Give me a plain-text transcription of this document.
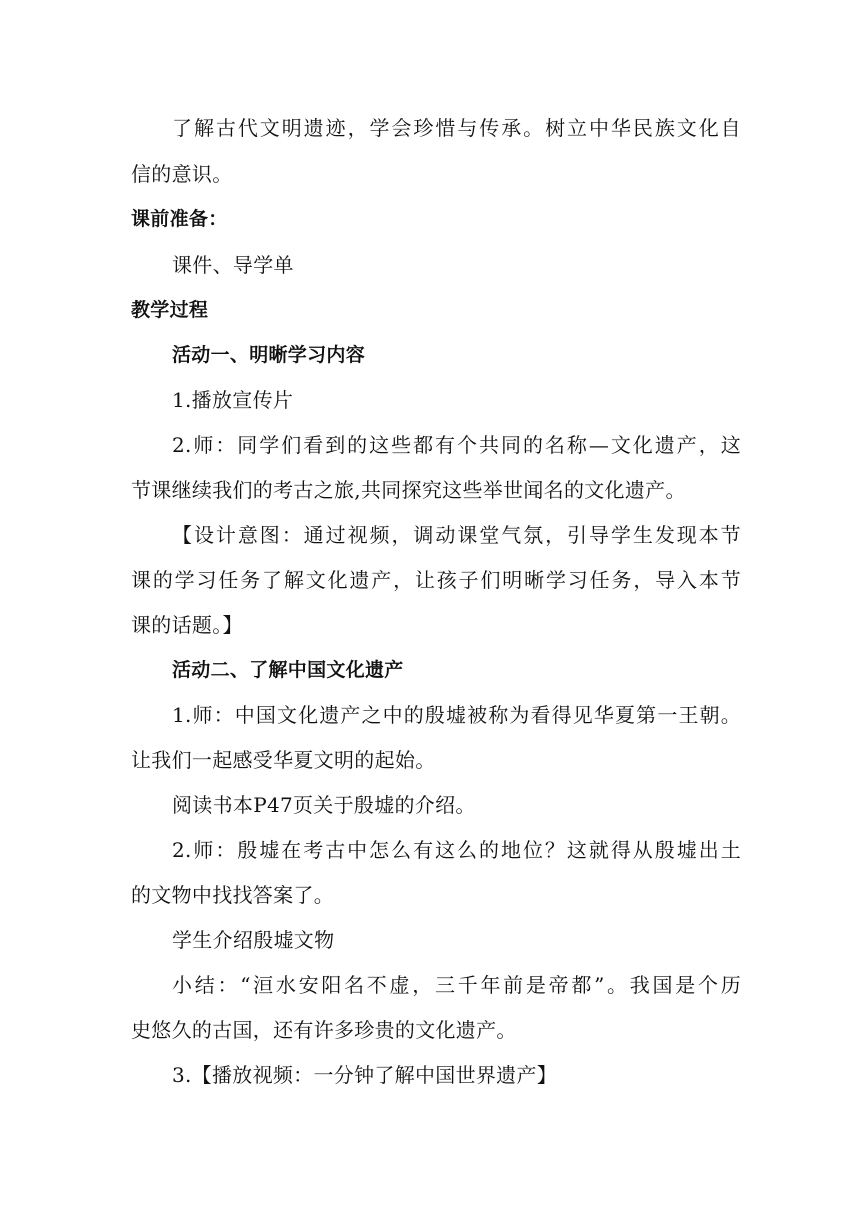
了解古代文明遗迹，学会珍惜与传承。树立中华民族文化自

信的意识。

课前准备：

课件、导学单

教学过程

活动一、明晰学习内容

1.播放宣传片

2.师：同学们看到的这些都有个共同的名称—文化遗产，这

节课继续我们的考古之旅,共同探究这些举世闻名的文化遗产。

【设计意图：通过视频，调动课堂气氛，引导学生发现本节

课的学习任务了解文化遗产，让孩子们明晰学习任务，导入本节

课的话题。】

活动二、了解中国文化遗产

1.师：中国文化遗产之中的殷墟被称为看得见华夏第一王朝。

让我们一起感受华夏文明的起始。

阅读书本P47页关于殷墟的介绍。

2.师：殷墟在考古中怎么有这么的地位？这就得从殷墟出土

的文物中找找答案了。

学生介绍殷墟文物

小结：“洹水安阳名不虚，三千年前是帝都”。我国是个历

史悠久的古国，还有许多珍贵的文化遗产。

3.【播放视频：一分钟了解中国世界遗产】
